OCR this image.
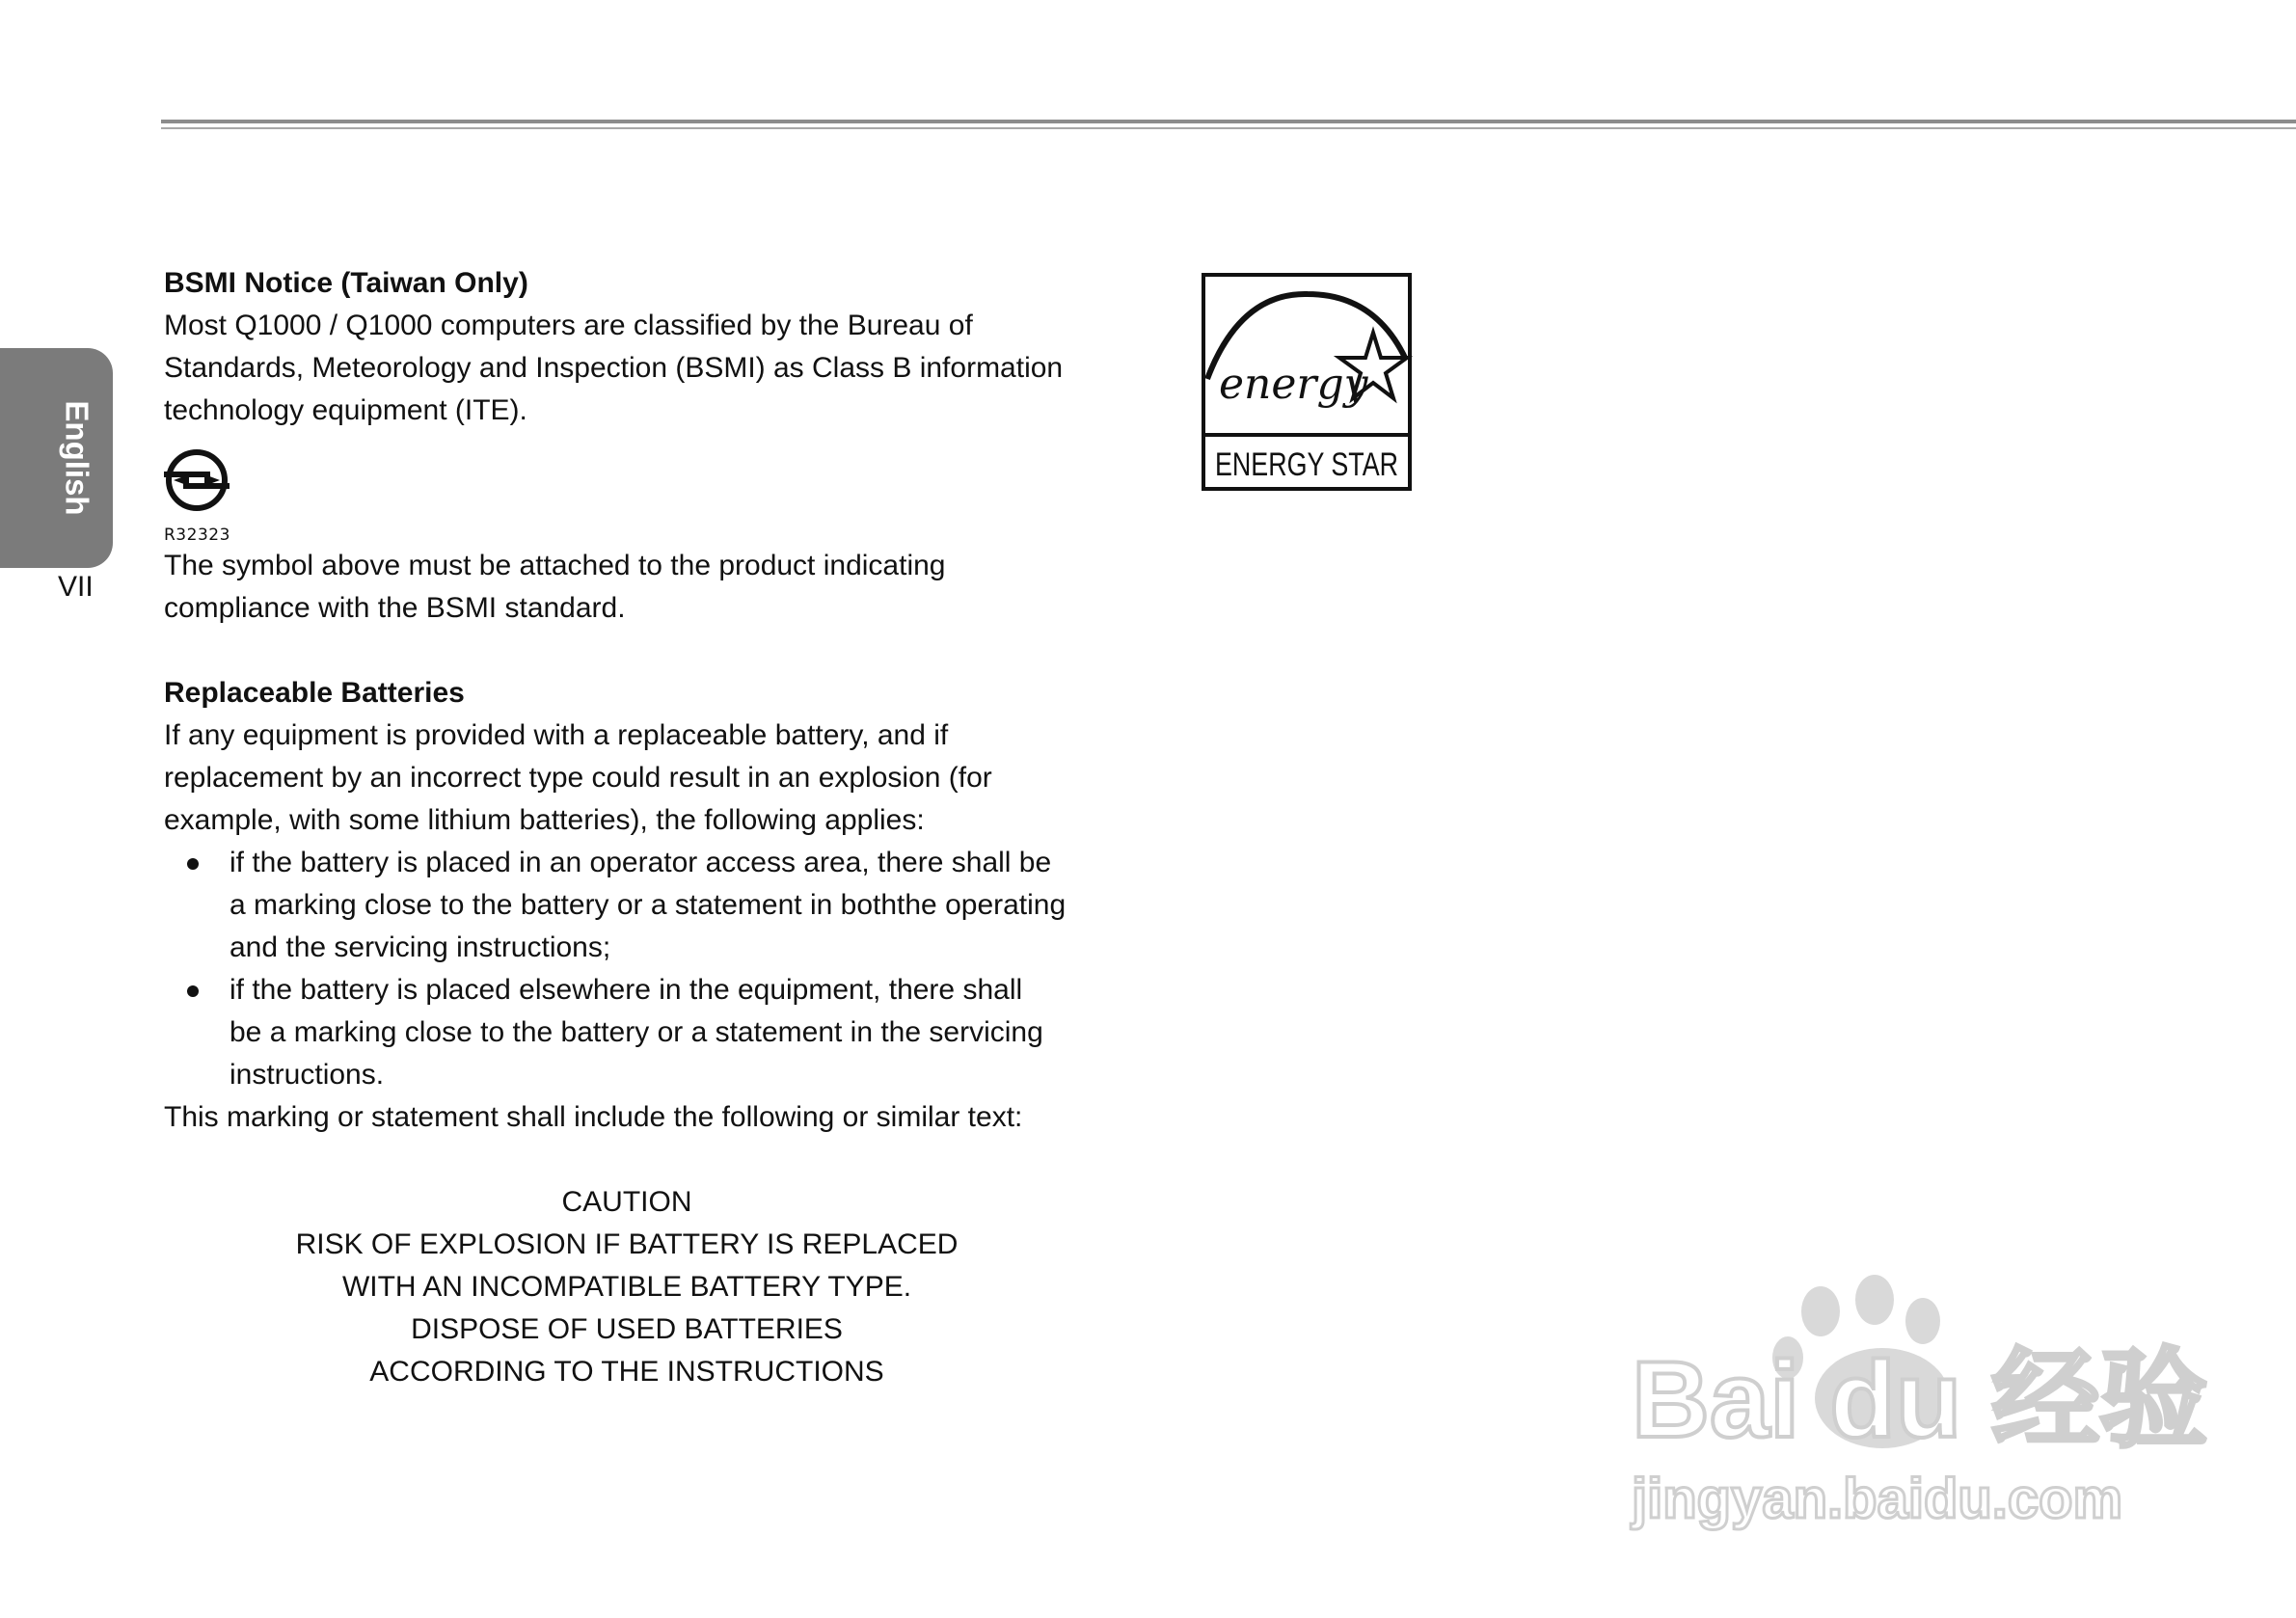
English
VII
BSMI Notice (Taiwan Only)

Most Q1000 / Q1000 computers are classified by the Bureau of

Standards, Meteorology and Inspection (BSMI) as Class B information

technology equipment (ITE).

R32323

The symbol above must be attached to the product indicating

compliance with the BSMI standard.

Replaceable Batteries

If any equipment is provided with a replaceable battery, and if

replacement by an incorrect type could result in an explosion (for

example, with some lithium batteries), the following applies:

if the battery is placed in an operator access area, there shall be
a marking close to the battery or a statement in boththe operating
and the servicing instructions;
if the battery is placed elsewhere in the equipment, there shall
be a marking close to the battery or a statement in the servicing
instructions.

This marking or statement shall include the following or similar text:

CAUTION
RISK OF EXPLOSION IF BATTERY IS REPLACED
WITH AN INCOMPATIBLE BATTERY TYPE.
DISPOSE OF USED BATTERIES
ACCORDING TO THE INSTRUCTIONS
energy
ENERGY STAR
Bai du 经验
jingyan.baidu.com
